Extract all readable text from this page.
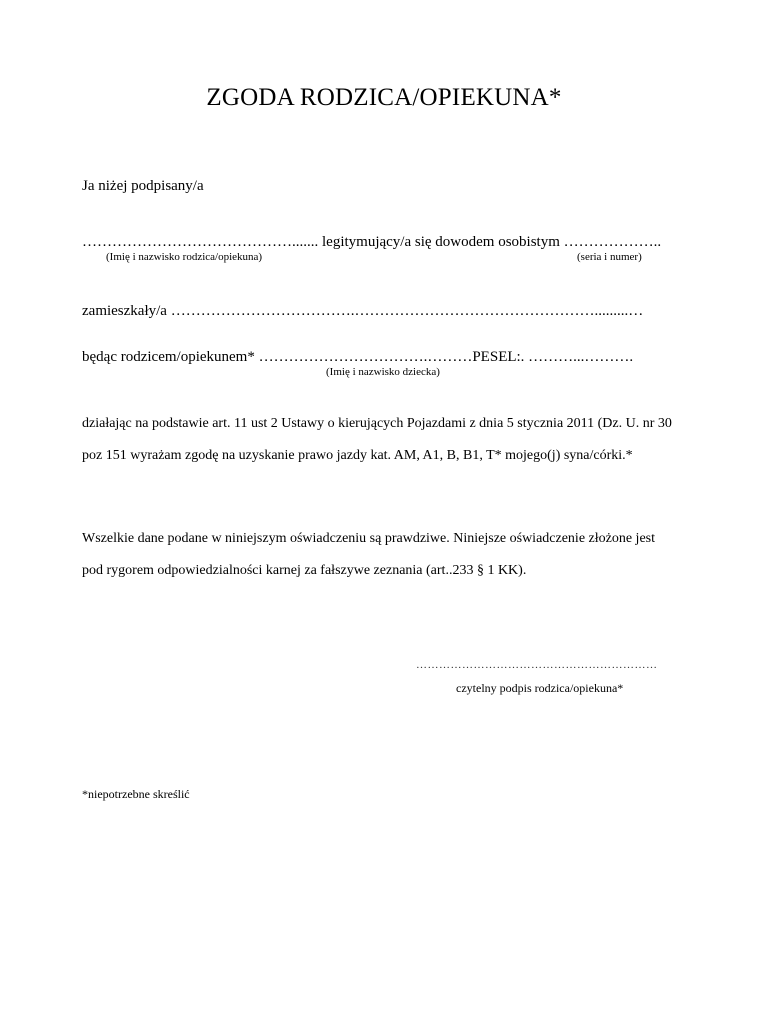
ZGODA RODZICA/OPIEKUNA*
Ja niżej podpisany/a
……………………………………....... legitymujący/a się dowodem osobistym ………………..
(Imię i nazwisko rodzica/opiekuna)	(seria i numer)
zamieszkały/a ……………………………….………………………………………….........…
będąc rodzicem/opiekunem* …………………………….………PESEL:. ………...……….
(Imię i nazwisko dziecka)
działając na podstawie art. 11 ust 2 Ustawy o kierujących Pojazdami z dnia 5 stycznia 2011 (Dz. U. nr 30
poz 151 wyrażam zgodę na uzyskanie prawo jazdy kat. AM, A1, B, B1, T* mojego(j) syna/córki.*
Wszelkie dane podane w niniejszym oświadczeniu są prawdziwe. Niniejsze oświadczenie złożone jest
pod rygorem odpowiedzialności karnej za fałszywe zeznania (art..233 § 1 KK).
………………………………………………………
czytelny podpis rodzica/opiekuna*
*niepotrzebne skreślić
